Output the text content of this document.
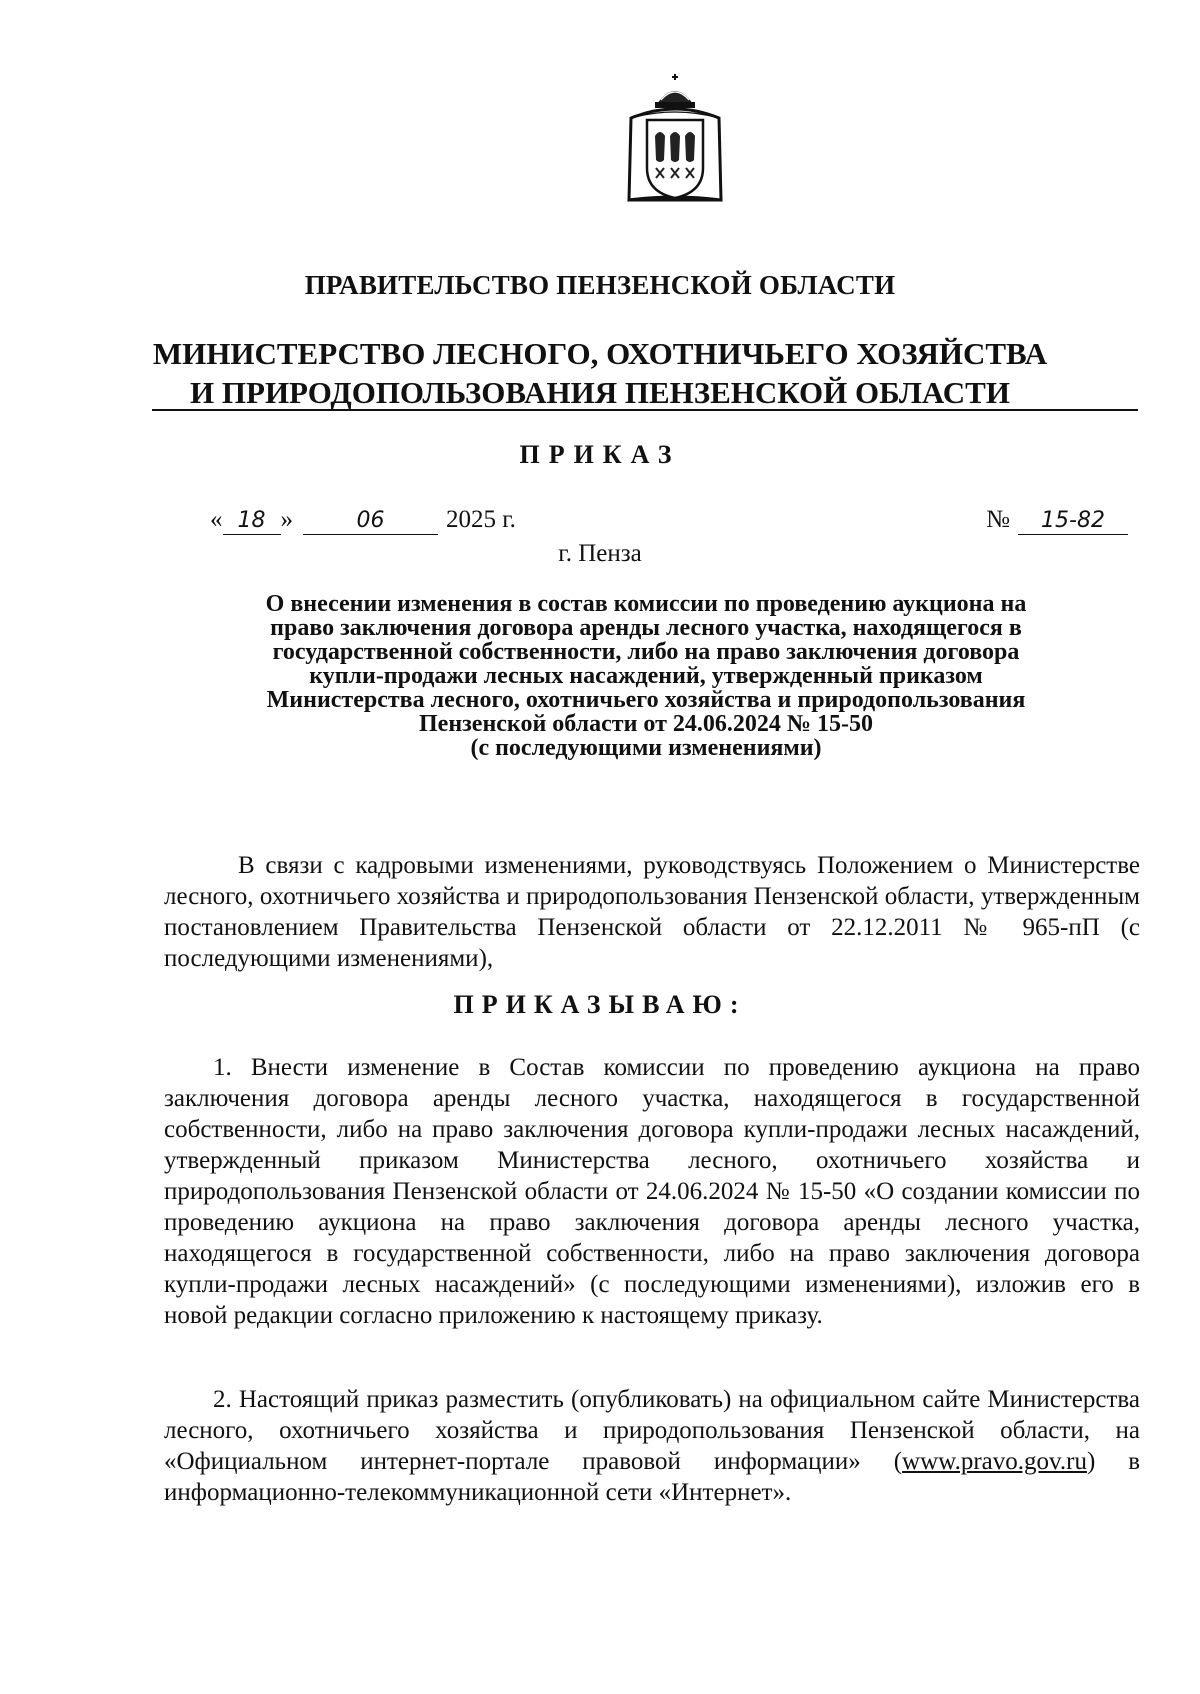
ПРАВИТЕЛЬСТВО ПЕНЗЕНСКОЙ ОБЛАСТИ
МИНИСТЕРСТВО ЛЕСНОГО, ОХОТНИЧЬЕГО ХОЗЯЙСТВА
И ПРИРОДОПОЛЬЗОВАНИЯ ПЕНЗЕНСКОЙ ОБЛАСТИ
ПРИКАЗ
« 18 »	06 2025 г.	№ 15-82
г. Пенза
О внесении изменения в состав комиссии по проведению аукциона на
право заключения договора аренды лесного участка, находящегося в
государственной собственности, либо на право заключения договора
купли-продажи лесных насаждений, утвержденный приказом
Министерства лесного, охотничьего хозяйства и природопользования
Пензенской области от 24.06.2024 № 15-50
(с последующими изменениями)
В связи с кадровыми изменениями, руководствуясь Положением о Министерстве лесного, охотничьего хозяйства и природопользования Пензенской области, утвержденным постановлением Правительства Пензенской области от 22.12.2011 № 965-пП (с последующими изменениями),
ПРИКАЗЫВАЮ:
1. Внести изменение в Состав комиссии по проведению аукциона на право заключения договора аренды лесного участка, находящегося в государственной собственности, либо на право заключения договора купли-продажи лесных насаждений, утвержденный приказом Министерства лесного, охотничьего хозяйства и природопользования Пензенской области от 24.06.2024 № 15-50 «О создании комиссии по проведению аукциона на право заключения договора аренды лесного участка, находящегося в государственной собственности, либо на право заключения договора купли-продажи лесных насаждений» (с последующими изменениями), изложив его в новой редакции согласно приложению к настоящему приказу.
2. Настоящий приказ разместить (опубликовать) на официальном сайте Министерства лесного, охотничьего хозяйства и природопользования Пензенской области, на «Официальном интернет-портале правовой информации» (www.pravo.gov.ru) в информационно-телекоммуникационной сети «Интернет».
